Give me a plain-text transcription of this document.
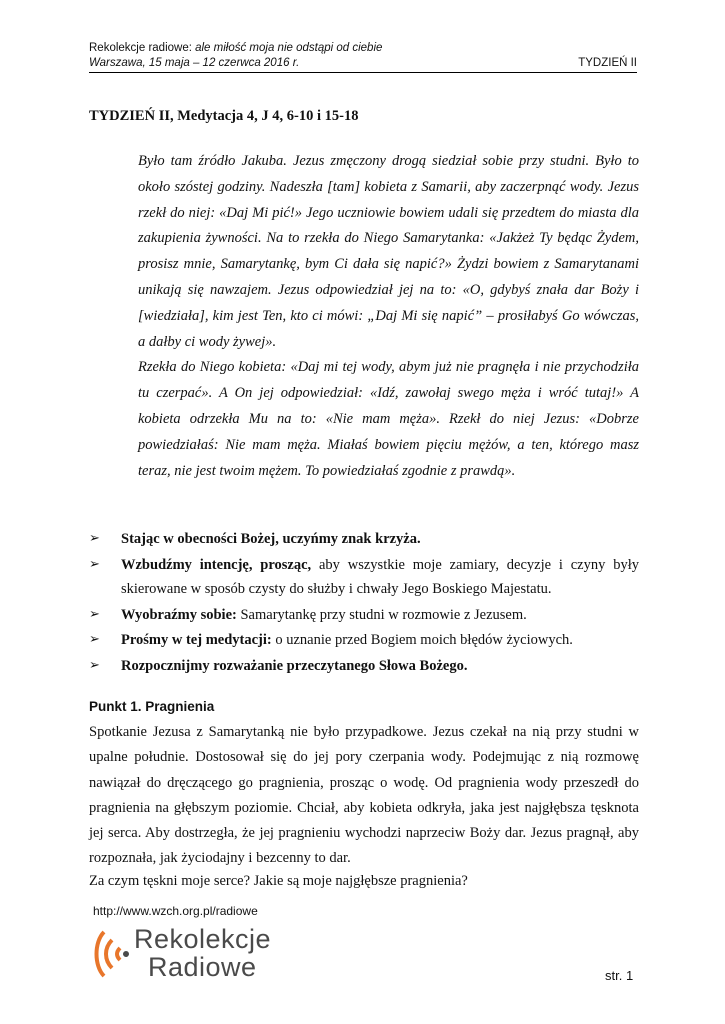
Rekolekcje radiowe: ale miłość moja nie odstąpi od ciebie
Warszawa, 15 maja – 12 czerwca 2016 r.	TYDZIEŃ II
TYDZIEŃ II, Medytacja 4, J 4, 6-10 i 15-18

Było tam źródło Jakuba. Jezus zmęczony drogą siedział sobie przy studni. Było to około szóstej godziny. Nadeszła [tam] kobieta z Samarii, aby zaczerpnąć wody. Jezus rzekł do niej: «Daj Mi pić!» Jego uczniowie bowiem udali się przedtem do miasta dla zakupienia żywności. Na to rzekła do Niego Samarytanka: «Jakżeż Ty będąc Żydem, prosisz mnie, Samarytankę, bym Ci dała się napić?» Żydzi bowiem z Samarytanami unikają się nawzajem. Jezus odpowiedział jej na to: «O, gdybyś znała dar Boży i [wiedziała], kim jest Ten, kto ci mówi: „Daj Mi się napić” – prosiłabyś Go wówczas, a dałby ci wody żywej».

Rzekła do Niego kobieta: «Daj mi tej wody, abym już nie pragnęła i nie przychodziła tu czerpać». A On jej odpowiedział: «Idź, zawołaj swego męża i wróć tutaj!» A kobieta odrzekła Mu na to: «Nie mam męża». Rzekł do niej Jezus: «Dobrze powiedziałaś: Nie mam męża. Miałaś bowiem pięciu mężów, a ten, którego masz teraz, nie jest twoim mężem. To powiedziałaś zgodnie z prawdą».

➢ Stając w obecności Bożej, uczyńmy znak krzyża.
➢ Wzbudźmy intencję, prosząc, aby wszystkie moje zamiary, decyzje i czyny były skierowane w sposób czysty do służby i chwały Jego Boskiego Majestatu.
➢ Wyobraźmy sobie: Samarytankę przy studni w rozmowie z Jezusem.
➢ Prośmy w tej medytacji: o uznanie przed Bogiem moich błędów życiowych.
➢ Rozpocznijmy rozważanie przeczytanego Słowa Bożego.
Punkt 1. Pragnienia

Spotkanie Jezusa z Samarytanką nie było przypadkowe. Jezus czekał na nią przy studni w upalne południe. Dostosował się do jej pory czerpania wody. Podejmując z nią rozmowę nawiązał do dręczącego go pragnienia, prosząc o wodę. Od pragnienia wody przeszedł do pragnienia na głębszym poziomie. Chciał, aby kobieta odkryła, jaka jest najgłębsza tęsknota jej serca. Aby dostrzegła, że jej pragnieniu wychodzi naprzeciw Boży dar. Jezus pragnął, aby rozpoznała, jak życiodajny i bezcenny to dar.

Za czym tęskni moje serce? Jakie są moje najgłębsze pragnienia?

http://www.wzch.org.pl/radiowe
Rekolekcje
Radiowe	str. 1
